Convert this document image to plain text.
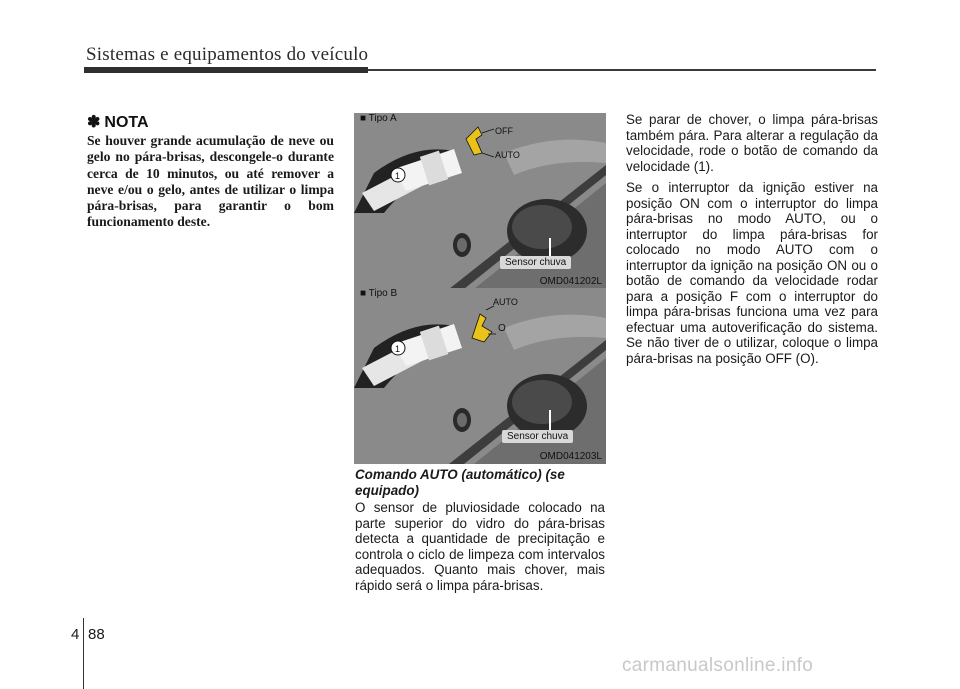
Sistemas e equipamentos do veículo
✽ NOTA
Se houver grande acumulação de neve ou gelo no pára-brisas, descongele-o durante cerca de 10 minutos, ou até remover a neve e/ou o gelo, antes de utilizar o limpa pára-brisas, para garantir o bom funcionamento deste.
1
■ Tipo A
OFF
AUTO
Sensor chuva
OMD041202L
1
■ Tipo B
AUTO
O
Sensor chuva
OMD041203L
Comando AUTO (automático) (se equipado)
O sensor de pluviosidade colocado na parte superior do vidro do pára-brisas detecta a quantidade de precipitação e controla o ciclo de limpeza com intervalos adequados. Quanto mais chover, mais rápido será o limpa pára-brisas.

Se parar de chover, o limpa pára-brisas também pára. Para alterar a regulação da velocidade, rode o botão de comando da velocidade (1).

Se o interruptor da ignição estiver na posição ON com o interruptor do limpa pára-brisas no modo AUTO, ou o interruptor do limpa pára-brisas for colocado no modo AUTO com o interruptor da ignição na posição ON ou o botão de comando da velocidade rodar para a posição F com o interruptor do limpa pára-brisas funciona uma vez para efectuar uma autoverificação do sistema. Se não tiver de o utilizar, coloque o limpa pára-brisas na posição OFF (O).

4 88
carmanualsonline.info
